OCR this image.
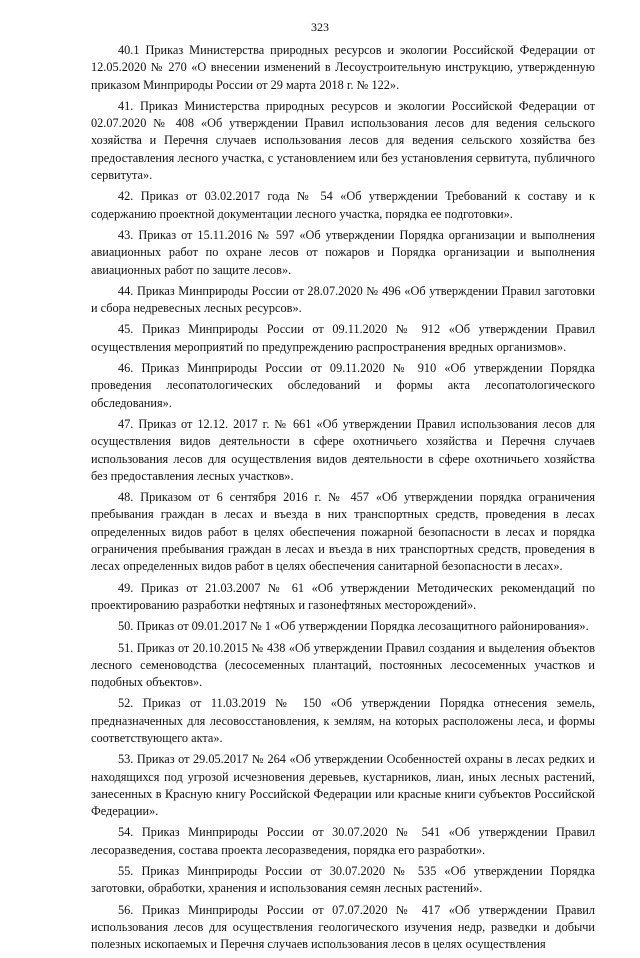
323

40.1 Приказ Министерства природных ресурсов и экологии Российской Федерации от 12.05.2020 № 270 «О внесении изменений в Лесоустроительную инструкцию, утвержденную приказом Минприроды России от 29 марта 2018 г. № 122».

41. Приказ Министерства природных ресурсов и экологии Российской Федерации от 02.07.2020 № 408 «Об утверждении Правил использования лесов для ведения сельского хозяйства и Перечня случаев использования лесов для ведения сельского хозяйства без предоставления лесного участка, с установлением или без установления сервитута, публичного сервитута».

42. Приказ от 03.02.2017 года № 54 «Об утверждении Требований к составу и к содержанию проектной документации лесного участка, порядка ее подготовки».

43. Приказ от 15.11.2016 № 597 «Об утверждении Порядка организации и выполнения авиационных работ по охране лесов от пожаров и Порядка организации и выполнения авиационных работ по защите лесов».

44. Приказ Минприроды России от 28.07.2020 № 496 «Об утверждении Правил заготовки и сбора недревесных лесных ресурсов».

45. Приказ Минприроды России от 09.11.2020 № 912 «Об утверждении Правил осуществления мероприятий по предупреждению распространения вредных организмов».

46. Приказ Минприроды России от 09.11.2020 № 910 «Об утверждении Порядка проведения лесопатологических обследований и формы акта лесопатологического обследования».

47. Приказ от 12.12. 2017 г. № 661 «Об утверждении Правил использования лесов для осуществления видов деятельности в сфере охотничьего хозяйства и Перечня случаев использования лесов для осуществления видов деятельности в сфере охотничьего хозяйства без предоставления лесных участков».

48. Приказом от 6 сентября 2016 г. № 457 «Об утверждении порядка ограничения пребывания граждан в лесах и въезда в них транспортных средств, проведения в лесах определенных видов работ в целях обеспечения пожарной безопасности в лесах и порядка ограничения пребывания граждан в лесах и въезда в них транспортных средств, проведения в лесах определенных видов работ в целях обеспечения санитарной безопасности в лесах».

49. Приказ от 21.03.2007 № 61 «Об утверждении Методических рекомендаций по проектированию разработки нефтяных и газонефтяных месторождений».

50. Приказ от 09.01.2017 № 1 «Об утверждении Порядка лесозащитного районирования».

51. Приказ от 20.10.2015 № 438 «Об утверждении Правил создания и выделения объектов лесного семеноводства (лесосеменных плантаций, постоянных лесосеменных участков и подобных объектов».

52. Приказ от 11.03.2019 № 150 «Об утверждении Порядка отнесения земель, предназначенных для лесовосстановления, к землям, на которых расположены леса, и формы соответствующего акта».

53. Приказ от 29.05.2017 № 264 «Об утверждении Особенностей охраны в лесах редких и находящихся под угрозой исчезновения деревьев, кустарников, лиан, иных лесных растений, занесенных в Красную книгу Российской Федерации или красные книги субъектов Российской Федерации».

54. Приказ Минприроды России от 30.07.2020 № 541 «Об утверждении Правил лесоразведения, состава проекта лесоразведения, порядка его разработки».

55. Приказ Минприроды России от 30.07.2020 № 535 «Об утверждении Порядка заготовки, обработки, хранения и использования семян лесных растений».

56. Приказ Минприроды России от 07.07.2020 № 417 «Об утверждении Правил использования лесов для осуществления геологического изучения недр, разведки и добычи полезных ископаемых и Перечня случаев использования лесов в целях осуществления
